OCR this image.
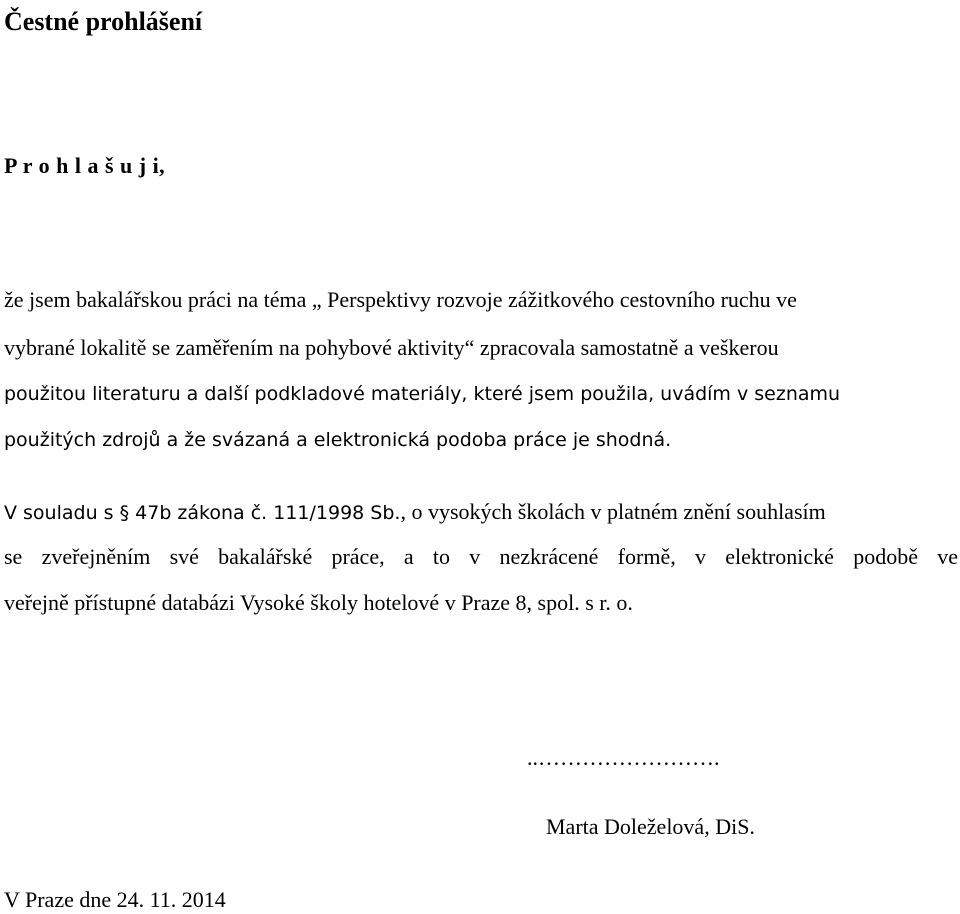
Čestné prohlášení
P r o h l a š u j i,
že jsem bakalářskou práci na téma „ Perspektivy rozvoje zážitkového cestovního ruchu ve
vybrané lokalitě se zaměřením na pohybové aktivity“ zpracovala samostatně a veškerou
použitou literaturu a další podkladové materiály, které jsem použila, uvádím v seznamu
použitých zdrojů a že svázaná a elektronická podoba práce je shodná.
V souladu s § 47b zákona č. 111/1998 Sb., o vysokých školách v platném znění souhlasím
se zveřejněním své bakalářské práce, a to v nezkrácené formě, v elektronické podobě ve
veřejně přístupné databázi Vysoké školy hotelové v Praze 8, spol. s r. o.
..…………………….
Marta Doleželová, DiS.
V Praze dne 24. 11. 2014
